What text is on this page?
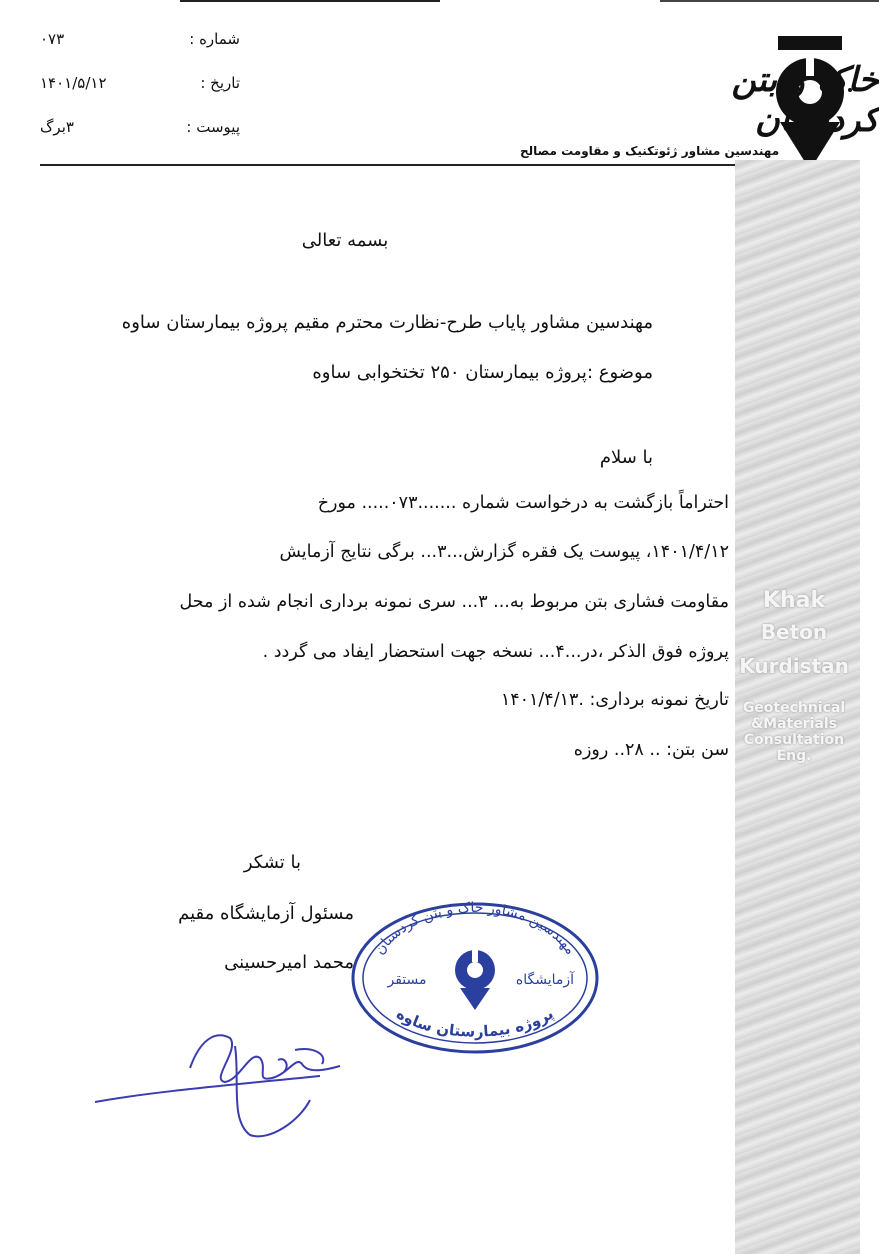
شماره :
۰۷۳
تاریخ :
۱۴۰۱/۵/۱۲
پیوست :
۳برگ
خاک و بتن کردستان
مهندسین مشاور ژئوتکنیک و مقاومت مصالح
Khak
Beton
Kurdistan
Geotechnical
&Materials
Consultation
Eng.
بسمه تعالی
مهندسین مشاور پایاب طرح-نظارت محترم مقیم پروژه بیمارستان ساوه
موضوع :پروژه بیمارستان ۲۵۰ تختخوابی ساوه
با سلام
احتراماً بازگشت به درخواست شماره .......۰۷۳..... مورخ
۱۴۰۱/۴/۱۲، پیوست یک فقره گزارش...۳... برگی نتایج آزمایش
مقاومت فشاری بتن مربوط به... ۳... سری نمونه برداری انجام شده از محل
پروژه فوق الذکر ،در...۴... نسخه جهت استحضار ایفاد می گردد .
تاریخ نمونه برداری: .۱۴۰۱/۴/۱۳
سن بتن: .. ۲۸.. روزه
با تشکر
مسئول آزمایشگاه مقیم
محمد امیرحسینی
مهندسین مشاور خاک و بتن کردستان
آزمایشگاه
مستقر
پروژه بیمارستان ساوه
